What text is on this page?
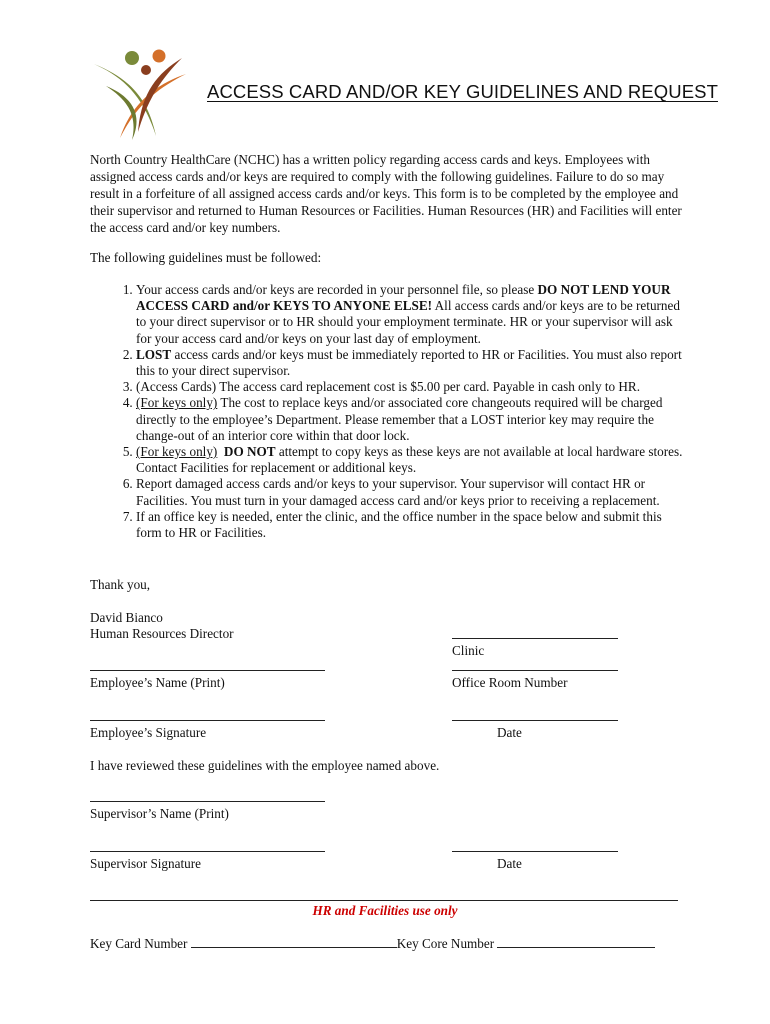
ACCESS CARD AND/OR KEY GUIDELINES AND REQUEST

North Country HealthCare (NCHC) has a written policy regarding access cards and keys. Employees with assigned access cards and/or keys are required to comply with the following guidelines. Failure to do so may result in a forfeiture of all assigned access cards and/or keys. This form is to be completed by the employee and their supervisor and returned to Human Resources or Facilities. Human Resources (HR) and Facilities will enter the access card and/or key numbers.

The following guidelines must be followed:
1. Your access cards and/or keys are recorded in your personnel file, so please DO NOT LEND YOUR ACCESS CARD and/or KEYS TO ANYONE ELSE! All access cards and/or keys are to be returned to your direct supervisor or to HR should your employment terminate. HR or your supervisor will ask for your access card and/or keys on your last day of employment.
2. LOST access cards and/or keys must be immediately reported to HR or Facilities. You must also report this to your direct supervisor.
3. (Access Cards) The access card replacement cost is $5.00 per card. Payable in cash only to HR.
4. (For keys only) The cost to replace keys and/or associated core changeouts required will be charged directly to the employee’s Department. Please remember that a LOST interior key may require the change-out of an interior core within that door lock.
5. (For keys only)  DO NOT attempt to copy keys as these keys are not available at local hardware stores. Contact Facilities for replacement or additional keys.
6. Report damaged access cards and/or keys to your supervisor. Your supervisor will contact HR or Facilities. You must turn in your damaged access card and/or keys prior to receiving a replacement.
7. If an office key is needed, enter the clinic, and the office number in the space below and submit this form to HR or Facilities.
Thank you,
David Bianco
Human Resources Director
Clinic
Employee’s Name (Print)	Office Room Number
Employee’s Signature	Date
I have reviewed these guidelines with the employee named above.
Supervisor’s Name (Print)
Supervisor Signature	Date
HR and Facilities use only
Key Card Number	Key Core Number
